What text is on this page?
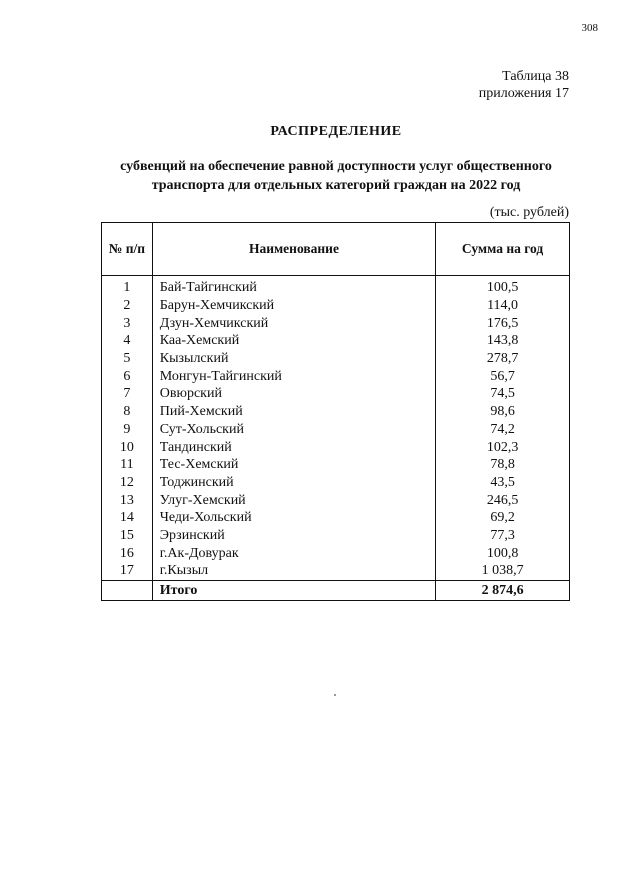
308
Таблица 38
приложения 17
РАСПРЕДЕЛЕНИЕ
субвенций на обеспечение равной доступности услуг общественного
транспорта для отдельных категорий граждан на 2022 год
(тыс. рублей)
№ п/п	Наименование	Сумма на год
1	Бай-Тайгинский	100,5
2	Барун-Хемчикский	114,0
3	Дзун-Хемчикский	176,5
4	Каа-Хемский	143,8
5	Кызылский	278,7
6	Монгун-Тайгинский	56,7
7	Овюрский	74,5
8	Пий-Хемский	98,6
9	Сут-Хольский	74,2
10	Тандинский	102,3
11	Тес-Хемский	78,8
12	Тоджинский	43,5
13	Улуг-Хемский	246,5
14	Чеди-Хольский	69,2
15	Эрзинский	77,3
16	г.Ак-Довурак	100,8
17	г.Кызыл	1 038,7
	Итого	2 874,6
